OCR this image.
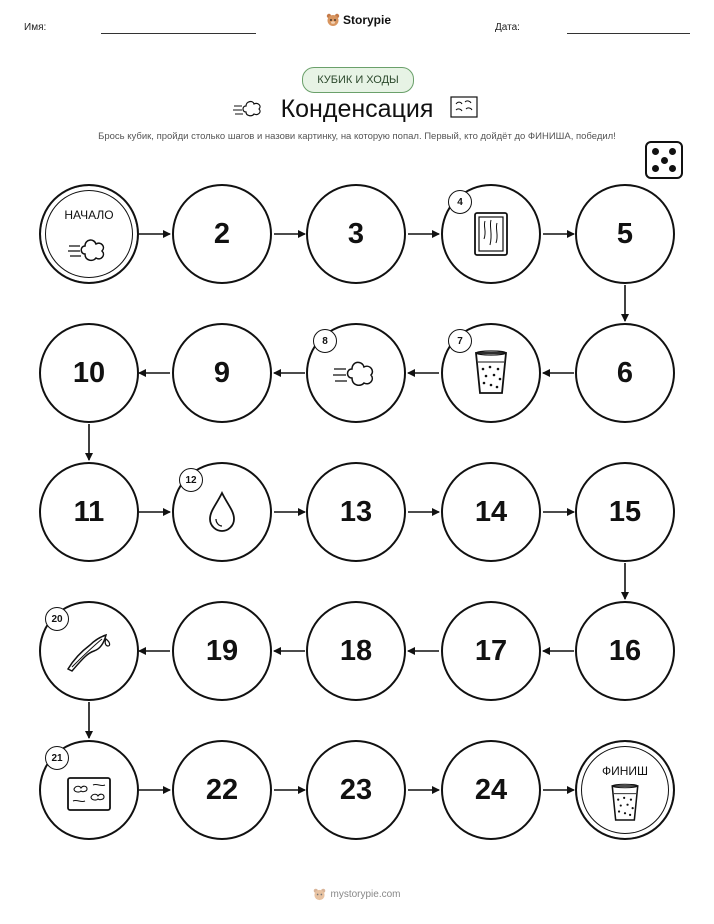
Имя:
Storypie
Дата:
КУБИК И ХОДЫ
Конденсация
Брось кубик, пройди столько шагов и назови картинку, на которую попал. Первый, кто дойдёт до ФИНИША, победил!
НАЧАЛО
2	3
4
5
6
7
8
9
10
11
12
13	14	15
16
17
18
19
20
21
22	23	24
ФИНИШ
mystorypie.com
